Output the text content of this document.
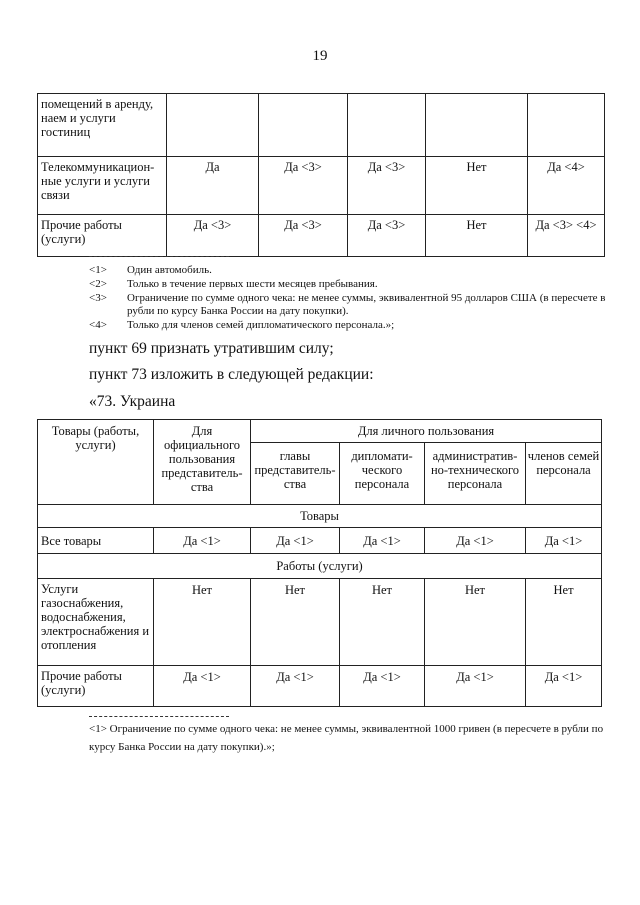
19
помещений в аренду, наем и услуги гостиниц					
Телекоммуникацион-ные услуги и услуги связи	Да	Да <3>	Да <3>	Нет	Да <4>
Прочие работы (услуги)	Да <3>	Да <3>	Да <3>	Нет	Да <3> <4>
<1>	Один автомобиль.
<2>	Только в течение первых шести месяцев пребывания.
<3>	Ограничение по сумме одного чека: не менее суммы, эквивалентной 95 долларов США (в пересчете в рубли по курсу Банка России на дату покупки).
<4>	Только для членов семей дипломатического персонала.»;
пункт 69 признать утратившим силу;
пункт 73 изложить в следующей редакции:
«73. Украина
Товары (работы, услуги)	Для официального пользования представитель-ства	Для личного пользования			
		главы представитель-ства	дипломати-ческого персонала	административ-но-технического персонала	членов семей персонала
Товары					
Все товары	Да <1>	Да <1>	Да <1>	Да <1>	Да <1>
Работы (услуги)					
Услуги газоснабжения, водоснабжения, электроснабжения и отопления	Нет	Нет	Нет	Нет	Нет
Прочие работы (услуги)	Да <1>	Да <1>	Да <1>	Да <1>	Да <1>
<1> Ограничение по сумме одного чека: не менее суммы, эквивалентной 1000 гривен (в пересчете в рубли по курсу Банка России на дату покупки).»;
